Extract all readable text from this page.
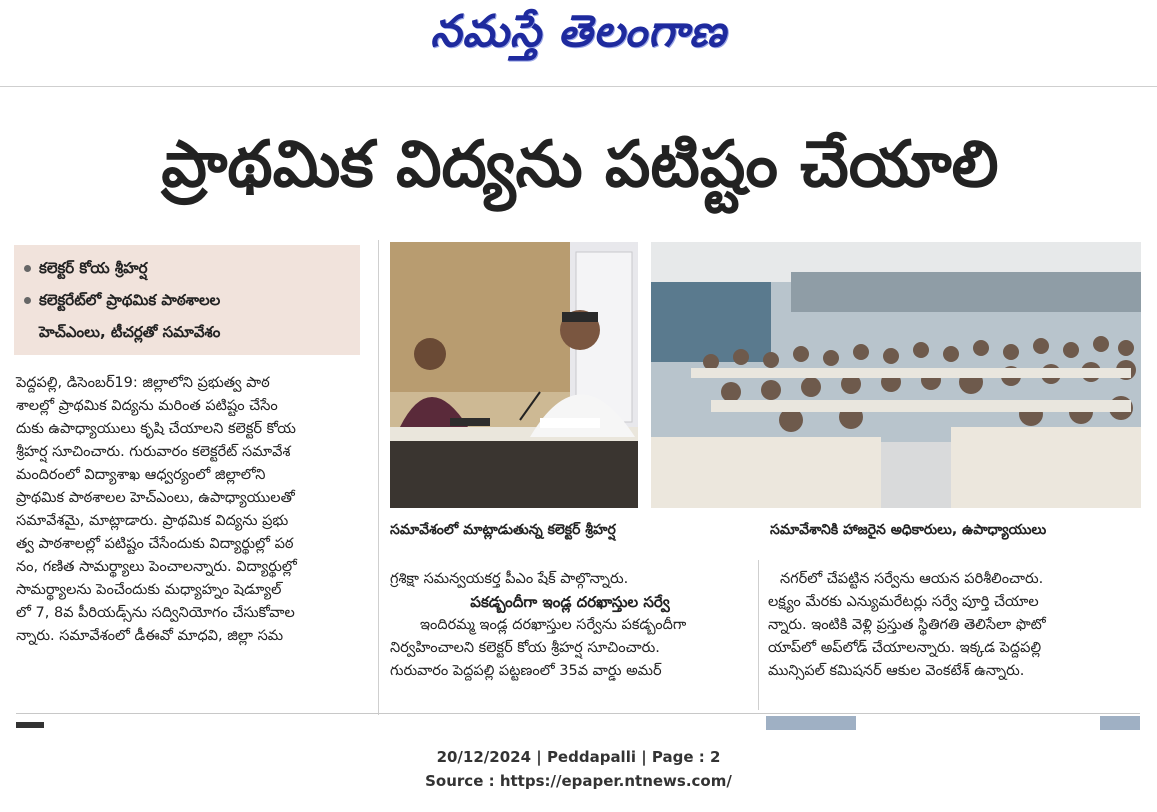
నమస్తే తెలంగాణ
ప్రాథమిక విద్యను పటిష్టం చేయాలి
కలెక్టర్ కోయ శ్రీహర్ష
కలెక్టరేట్‌లో ప్రాథమిక పాఠశాలల
హెచ్‌ఎంలు, టీచర్లతో సమావేశం
పెద్దపల్లి, డిసెంబర్19: జిల్లాలోని ప్రభుత్వ పాఠ
శాలల్లో ప్రాథమిక విద్యను మరింత పటిష్టం చేసేం
దుకు ఉపాధ్యాయులు కృషి చేయాలని కలెక్టర్ కోయ
శ్రీహర్ష సూచించారు. గురువారం కలెక్టరేట్ సమావేశ
మందిరంలో విద్యాశాఖ ఆధ్వర్యంలో జిల్లాలోని
ప్రాథమిక పాఠశాలల హెచ్‌ఎంలు, ఉపాధ్యాయులతో
సమావేశమై, మాట్లాడారు. ప్రాథమిక విద్యను ప్రభు
త్వ పాఠశాలల్లో పటిష్టం చేసేందుకు విద్యార్థుల్లో పఠ
నం, గణిత సామర్థ్యాలు పెంచాలన్నారు. విద్యార్థుల్లో
సామర్థ్యాలను పెంచేందుకు మధ్యాహ్నం షెడ్యూల్
లో 7, 8వ పీరియడ్స్‌ను సద్వినియోగం చేసుకోవాల
న్నారు. సమావేశంలో డీఈవో మాధవి, జిల్లా సమ
సమావేశంలో మాట్లాడుతున్న కలెక్టర్ శ్రీహర్ష	సమావేశానికి హాజరైన అధికారులు, ఉపాధ్యాయులు
గ్రశిక్షా సమన్వయకర్త పీఎం షేక్ పాల్గొన్నారు.
పకడ్బందీగా ఇండ్ల దరఖాస్తుల సర్వే
ఇందిరమ్మ ఇండ్ల దరఖాస్తుల సర్వేను పకడ్బందీగా
నిర్వహించాలని కలెక్టర్ కోయ శ్రీహర్ష సూచించారు.
గురువారం పెద్దపల్లి పట్టణంలో 35వ వార్డు అమర్
నగర్‌లో చేపట్టిన సర్వేను ఆయన పరిశీలించారు.
లక్ష్యం మేరకు ఎన్యుమరేటర్లు సర్వే పూర్తి చేయాల
న్నారు. ఇంటికి వెళ్లి ప్రస్తుత స్థితిగతి తెలిసేలా ఫొటో
యాప్‌లో అప్‌లోడ్ చేయాలన్నారు. ఇక్కడ పెద్దపల్లి
మున్సిపల్ కమిషనర్ ఆకుల వెంకటేశ్ ఉన్నారు.
20/12/2024 | Peddapalli | Page : 2
Source : https://epaper.ntnews.com/
